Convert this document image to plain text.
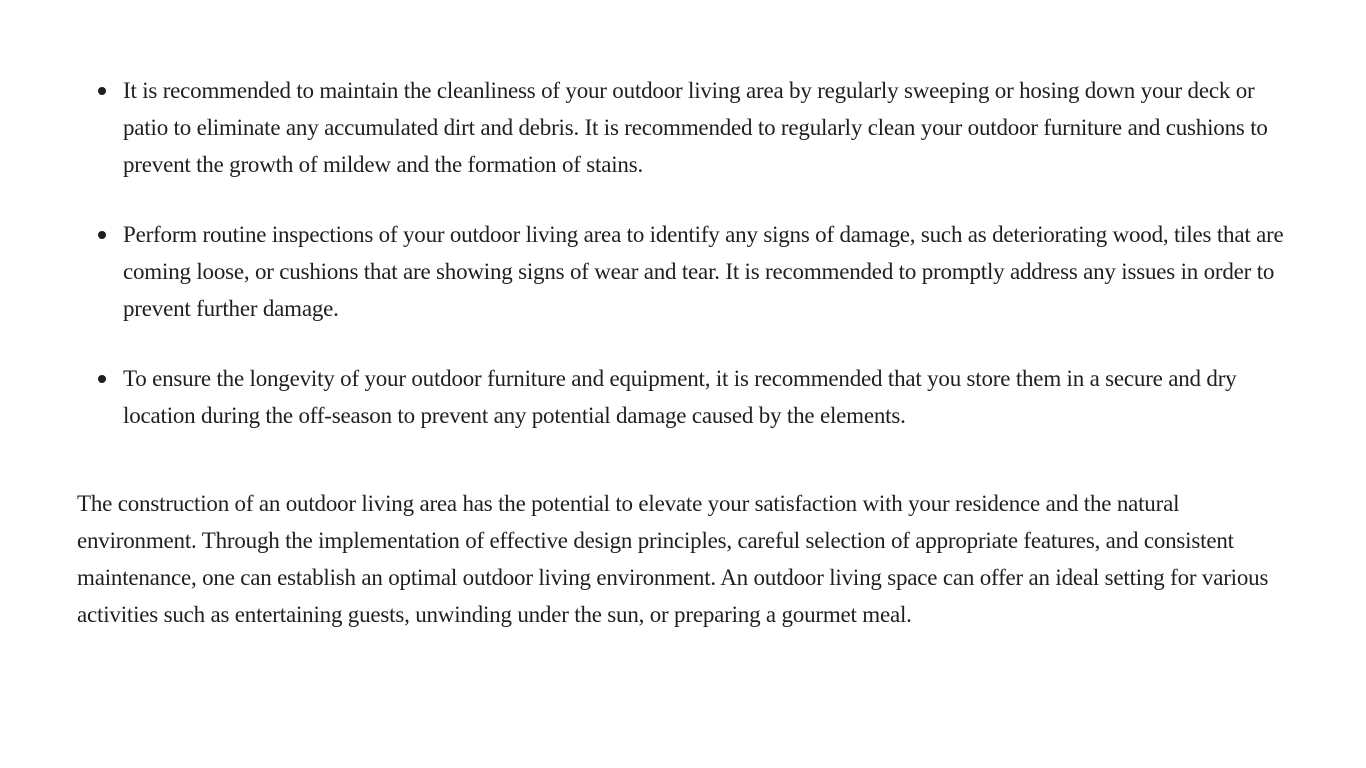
It is recommended to maintain the cleanliness of your outdoor living area by regularly sweeping or hosing down your deck or patio to eliminate any accumulated dirt and debris. It is recommended to regularly clean your outdoor furniture and cushions to prevent the growth of mildew and the formation of stains.
Perform routine inspections of your outdoor living area to identify any signs of damage, such as deteriorating wood, tiles that are coming loose, or cushions that are showing signs of wear and tear. It is recommended to promptly address any issues in order to prevent further damage.
To ensure the longevity of your outdoor furniture and equipment, it is recommended that you store them in a secure and dry location during the off-season to prevent any potential damage caused by the elements.

The construction of an outdoor living area has the potential to elevate your satisfaction with your residence and the natural environment. Through the implementation of effective design principles, careful selection of appropriate features, and consistent maintenance, one can establish an optimal outdoor living environment. An outdoor living space can offer an ideal setting for various activities such as entertaining guests, unwinding under the sun, or preparing a gourmet meal.
